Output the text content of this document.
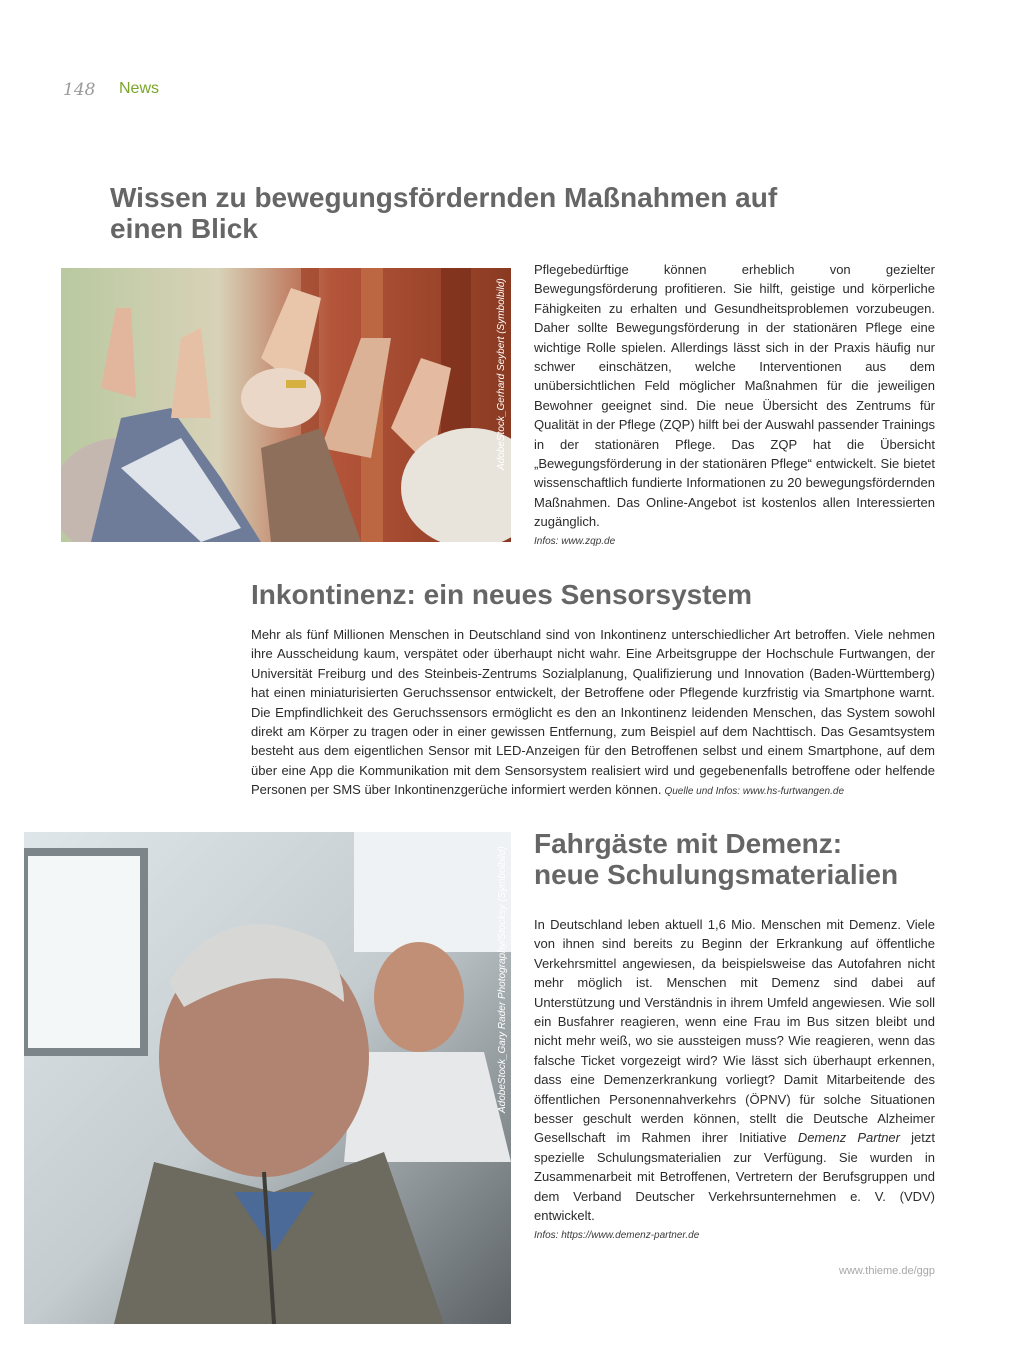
148 News
Wissen zu bewegungsfördernden Maßnahmen auf einen Blick
AdobeStock_Gerhard Seybert (Symbolbild)

Pflegebedürftige können erheblich von gezielter Bewegungsförderung profitieren. Sie hilft, geistige und körperliche Fähigkeiten zu erhalten und Gesundheitsproblemen vorzubeugen. Daher sollte Bewegungsförderung in der stationären Pflege eine wichtige Rolle spielen. Allerdings lässt sich in der Praxis häufig nur schwer einschätzen, welche Interventionen aus dem unübersichtlichen Feld möglicher Maßnahmen für die jeweiligen Bewohner geeignet sind. Die neue Übersicht des Zentrums für Qualität in der Pflege (ZQP) hilft bei der Auswahl passender Trainings in der stationären Pflege. Das ZQP hat die Übersicht „Bewegungsförderung in der stationären Pflege“ entwickelt. Sie bietet wissenschaftlich fundierte Informationen zu 20 bewegungsfördernden Maßnahmen. Das Online-Angebot ist kostenlos allen Interessierten zugänglich.

Infos: www.zqp.de
Inkontinenz: ein neues Sensorsystem

Mehr als fünf Millionen Menschen in Deutschland sind von Inkontinenz unterschiedlicher Art betroffen. Viele nehmen ihre Ausscheidung kaum, verspätet oder überhaupt nicht wahr. Eine Arbeitsgruppe der Hochschule Furtwangen, der Universität Freiburg und des Steinbeis-Zentrums Sozialplanung, Qualifizierung und Innovation (Baden-Württemberg) hat einen miniaturisierten Geruchssensor entwickelt, der Betroffene oder Pflegende kurzfristig via Smartphone warnt. Die Empfindlichkeit des Geruchssensors ermöglicht es den an Inkontinenz leidenden Menschen, das System sowohl direkt am Körper zu tragen oder in einer gewissen Entfernung, zum Beispiel auf dem Nachttisch. Das Gesamtsystem besteht aus dem eigentlichen Sensor mit LED-Anzeigen für den Betroffenen selbst und einem Smartphone, auf dem über eine App die Kommunikation mit dem Sensorsystem realisiert wird und gegebenenfalls betroffene oder helfende Personen per SMS über Inkontinenzgerüche informiert werden können. Quelle und Infos: www.hs-furtwangen.de

AdobeStock_Gary Rader Photography/Stocksy (Symbolbild)
Fahrgäste mit Demenz:
neue Schulungsmaterialien

In Deutschland leben aktuell 1,6 Mio. Menschen mit Demenz. Viele von ihnen sind bereits zu Beginn der Erkrankung auf öffentliche Verkehrsmittel angewiesen, da beispielsweise das Autofahren nicht mehr möglich ist. Menschen mit Demenz sind dabei auf Unterstützung und Verständnis in ihrem Umfeld angewiesen. Wie soll ein Busfahrer reagieren, wenn eine Frau im Bus sitzen bleibt und nicht mehr weiß, wo sie aussteigen muss? Wie reagieren, wenn das falsche Ticket vorgezeigt wird? Wie lässt sich überhaupt erkennen, dass eine Demenzerkrankung vorliegt? Damit Mitarbeitende des öffentlichen Personennahverkehrs (ÖPNV) für solche Situationen besser geschult werden können, stellt die Deutsche Alzheimer Gesellschaft im Rahmen ihrer Initiative Demenz Partner jetzt spezielle Schulungsmaterialien zur Verfügung. Sie wurden in Zusammenarbeit mit Betroffenen, Vertretern der Berufsgruppen und dem Verband Deutscher Verkehrsunternehmen e. V. (VDV) entwickelt.

Infos: https://www.demenz-partner.de
www.thieme.de/ggp
